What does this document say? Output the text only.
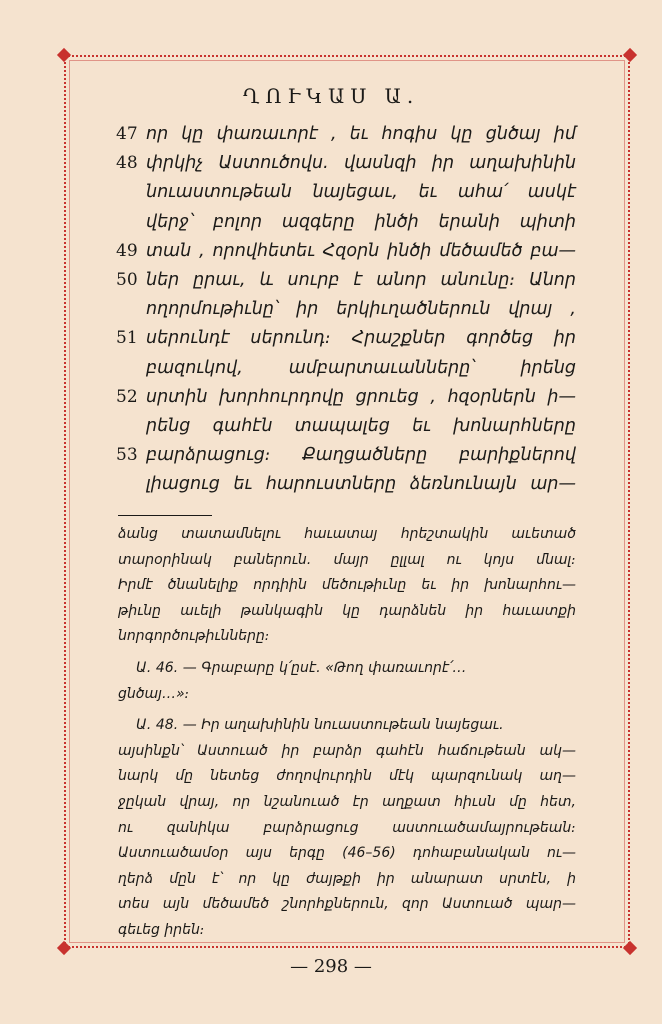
ՂՈՒԿԱՍ Ա.
47 որ կը փառաւորէ , եւ հոգիս կը ցնծայ իմ
48 փրկիչ Աստուծովս․ վասնզի իր աղախինին
նուաստութեան նայեցաւ, եւ ահա՛ ասկէ
վերջ՝ բոլոր ազգերը ինծի երանի պիտի
49 տան , որովհետեւ Հզօրն ինծի մեծամեծ բա—
50 ներ ըրաւ, և սուրբ է անոր անունը։ Անոր
ողորմութիւնը՝ իր երկիւղածներուն վրայ ,
51 սերունդէ սերունդ։ Հրաշքներ գործեց իր
բազուկով, ամբարտաւանները՝ իրենց
52 սրտին խորհուրդովը ցրուեց , հզօրներն ի—
րենց գահէն տապալեց եւ խոնարհները
53 բարձրացուց։ Քաղցածները բարիքներով
լիացուց եւ հարուստները ձեռնունայն ար—
ձանց տատամնելու հաւատայ հրեշտակին աւետած
տարօրինակ բաներուն․ մայր ըլլալ ու կոյս մնալ։
Իրմէ ծնանելիք որդիին մեծութիւնը եւ իր խոնարհու—
թիւնը աւելի թանկագին կը դարձնեն իր հաւատքի
նորգործութիւնները։
Ա․ 46․ — Գրաբարը կ՛ըսէ․ «Թող փառաւորէ՛․․․
ցնծայ․․․»։
Ա․ 48․ — Իր աղախինին նուաստութեան նայեցաւ․
այսինքն՝ Աստուած իր բարձր գահէն հաճութեան ակ—
նարկ մը նետեց ժողովուրդին մէկ պարզունակ աղ—
ջըկան վրայ, որ նշանուած էր աղքատ հիւսն մը հետ,
ու զանիկա բարձրացուց աստուածամայրութեան։
Աստուածամօր այս երգը (46–56) դոհաբանական ու—
ղերձ մըն է՝ որ կը ժայթքի իր անարատ սրտէն, ի
տես այն մեծամեծ շնորհքներուն, զոր Աստուած պար—
գեւեց իրեն։
— 298 —
